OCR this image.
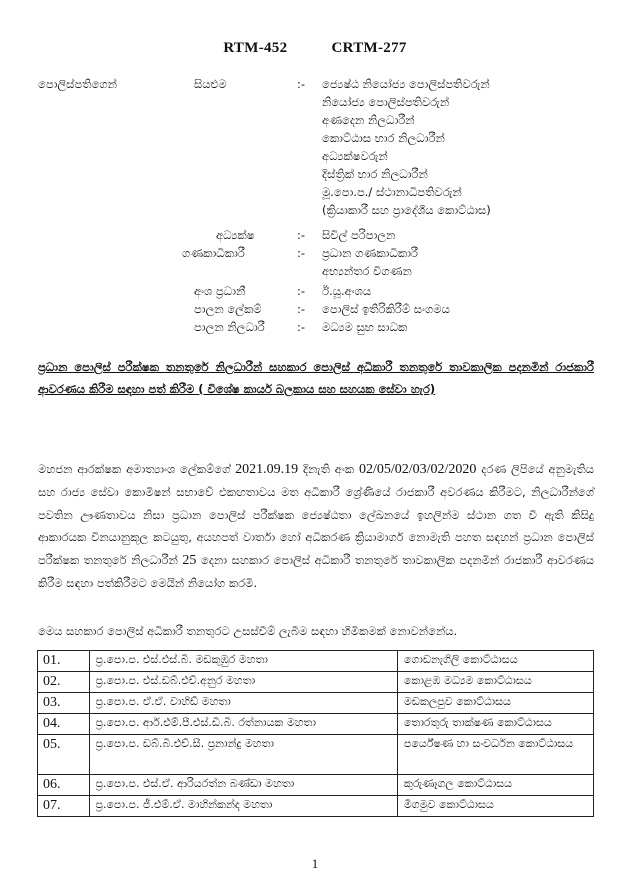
RTM-452	CRTM-277
පොලිස්පතිගෙන්	සියළුම	:- ජ්‍යෙෂ්ඨ නියෝජ්‍ය පොලිස්පතිවරුන්
නියෝජ්‍ය පොලිස්පතිවරුන්
අණදෙන නිලධාරීන්
කොට්ඨාස භාර නිලධාරීන්
අධ්‍යක්ෂවරුන්
දිස්ත්‍රික් භාර නිලධාරීන්
මූ.පො.ප./ ස්ථානාධිපතිවරුන්
(ක්‍රියාකාරී සහ ප්‍රාදේශීය කොට්ඨාස)
අධ්‍යක්ෂ	:- සිවිල් පරිපාලන
ගණකාධිකාරී	:- ප්‍රධාන ගණකාධිකාරී
අභ්‍යන්තර විගණන
අංශ ප්‍රධානී	:- ඊ.යූ.අංශය
පාලන ලේකම්	:- පොලිස් ඉතිරිකිරීම් සංගමය
පාලන නිලධාරී	:- මධ්‍යම සුභ සාධක
ප්‍රධාන පොලිස් පරීක්ෂක තනතුරේ නිලධාරීන් සහකාර පොලිස් අධිකාරී තනතුරේ තාවකාලික පදනමින් රාජකාරී ආවරණය කිරීම සඳහා පත් කිරීම ( විශේෂ කාර්ය බලකාය සහ සහයක සේවා හැර)
මහජන ආරක්ෂක අමාත්‍යාංශ ලේකම්ගේ 2021.09.19 දිනැති අංක 02/05/02/03/02/2020 දරණ ලිපියේ අනුමැතිය සහ රාජ්‍ය සේවා කොමිෂන් සභාවේ එකඟතාවය මත අධිකාරී ශ්‍රේණියේ රාජකාරී අවරණය කිරීමට, නිලධාරීන්ගේ පවතින ඌණතාවය නිසා ප්‍රධාන පොලිස් පරීක්ෂක ජ්‍යෙෂ්ඨතා ලේඛනයේ ඉහලින්ම ස්ථාන ගත වී ඇති කිසිදු ආකාරයක විනයානුකූල කටයුතු, අයහපත් වාර්තා හෝ අධිකරණ ක්‍රියාමාර්ග නොමැති පහත සඳහන් ප්‍රධාන පොලිස් පරීක්ෂක තනතුරේ නිලධාරීන් 25 දෙනා සහකාර පොලිස් අධිකාරී තනතුරේ තාවකාලික පදනමින් රාජකාරී ආවරණය කිරීම සඳහා පත්කිරීමට මෙයින් නියෝග කරමි.
මෙය සහකාර පොලිස් අධිකාරී තනතුරට උසස්වීම් ලැබීම සඳහා හිමිකමක් නොවන්නේය.
01.	ප්‍ර.පො.ප. එස්.එස්.බී. මඩකුඹුර මහතා	ගොඩනැගිලි කොට්ඨාසය
02.	ප්‍ර.පො.ප. එස්.ඩබ්.එච්.අනුර මහතා	කොළඹ මධ්‍යම කොට්ඨාසය
03.	ප්‍ර.පො.ප. ඒ.ඒ. වාහිඩ් මහතා	මඩකලපුව කොට්ඨාසය
04.	ප්‍ර.පො.ප. ආර්.එම්.පී.එස්.ඩී.බී. රත්නායක මහතා	තොරතුරු තාක්ෂණ කොට්ඨාසය
05.	ප්‍ර.පො.ප. ඩබ්.බී.එච්.සී. ප්‍රනාන්දු මහතා	පර්යේෂණ හා සංවර්ධන කොට්ඨාසය
06.	ප්‍ර.පො.ප. එස්.ඒ. ආරියරත්න බණ්ඩා මහතා	කුරුණෑගල කොට්ඨාසය
07.	ප්‍ර.පො.ප. ජී.එම්.ඒ. මාහින්කන්ද මහතා	මීගමුව කොට්ඨාසය
1
